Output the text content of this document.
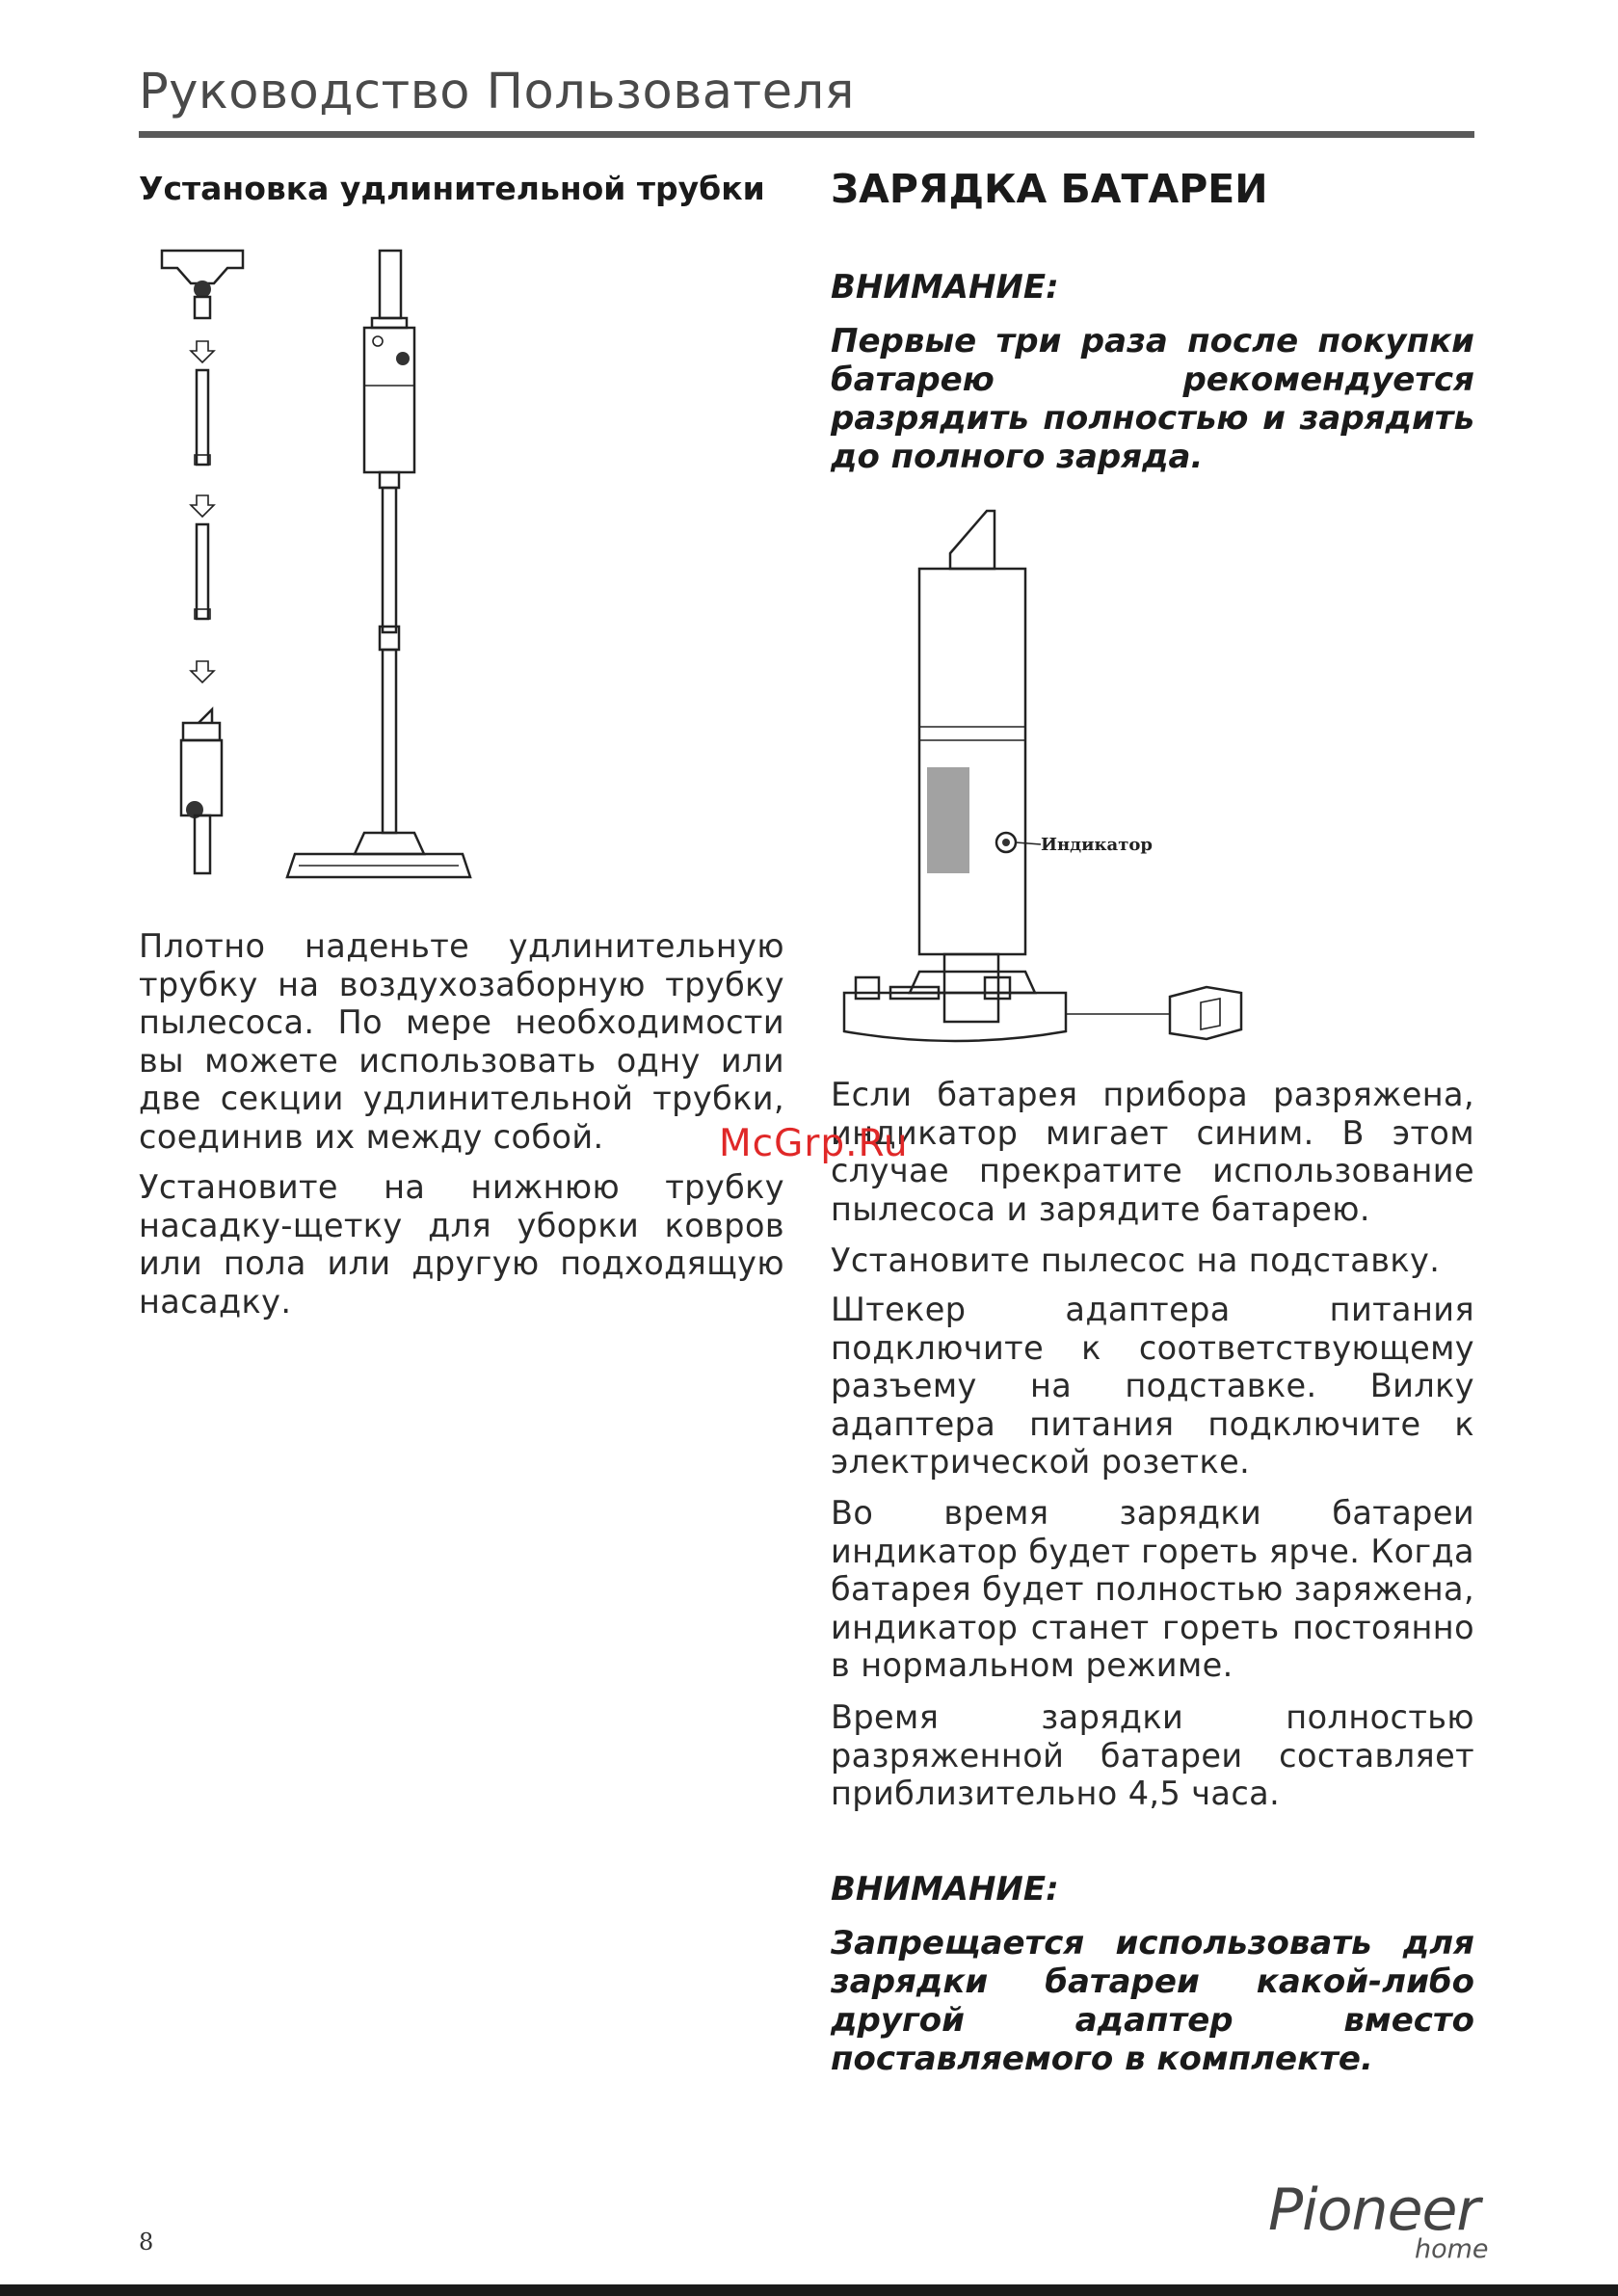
Руководство Пользователя
Установка удлинительной трубки

Плотно наденьте удлинительную трубку на воздухозаборную трубку пылесоса. По мере необходимости вы можете использовать одну или две секции удлинительной трубки, соединив их между собой.

Установите на нижнюю трубку насадку-щетку для уборки ковров или пола или другую подходящую насадку.

ЗАРЯДКА БАТАРЕИ
ВНИМАНИЕ:

Первые три раза после покупки батарею рекомендуется разрядить полностью и зарядить до полного заряда.

Индикатор

Если батарея прибора разряжена, индикатор мигает синим. В этом случае прекратите использование пылесоса и зарядите батарею.

Установите пылесос на подставку.

Штекер адаптера питания подключите к соответствующему разъему на подставке. Вилку адаптера питания подключите к электрической розетке.

Во время зарядки батареи индикатор будет гореть ярче. Когда батарея будет полностью заряжена, индикатор станет гореть постоянно в нормальном режиме.

Время зарядки полностью разряженной батареи составляет приблизительно 4,5 часа.

ВНИМАНИЕ:

Запрещается использовать для зарядки батареи какой-либо другой адаптер вместо поставляемого в комплекте.

McGrp.Ru
8	Pioneer
home
